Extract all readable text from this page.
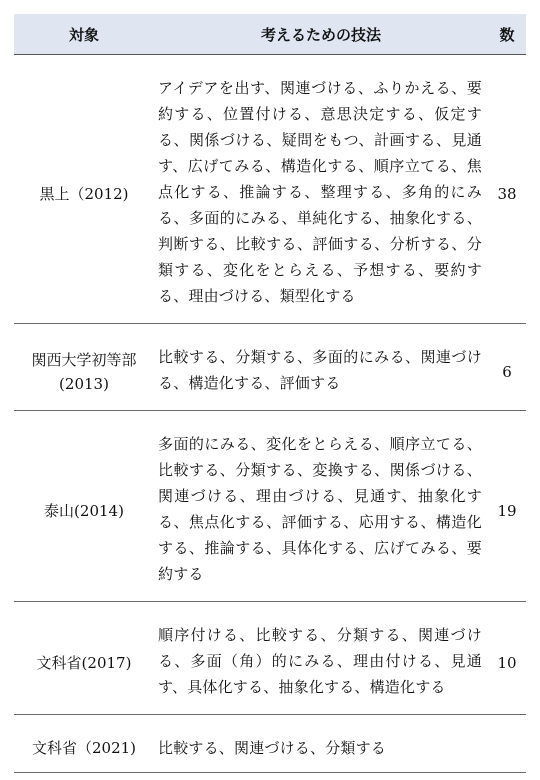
対象	考えるための技法	数

黒上（2012)	アイデアを出す、関連づける、ふりかえる、要約する、位置付ける、意思決定する、仮定する、関係づける、疑問をもつ、計画する、見通す、広げてみる、構造化する、順序立てる、焦点化する、推論する、整理する、多角的にみる、多面的にみる、単純化する、抽象化する、判断する、比較する、評価する、分析する、分類する、変化をとらえる、予想する、要約する、理由づける、類型化する	38

関西大学初等部 (2013)	比較する、分類する、多面的にみる、関連づける、構造化する、評価する	6

泰山(2014)	多面的にみる、変化をとらえる、順序立てる、比較する、分類する、変換する、関係づける、関連づける、理由づける、見通す、抽象化する、焦点化する、評価する、応用する、構造化する、推論する、具体化する、広げてみる、要約する	19

文科省(2017)	順序付ける、比較する、分類する、関連づける、多面（角）的にみる、理由付ける、見通す、具体化する、抽象化する、構造化する	10

文科省（2021)	比較する、関連づける、分類する	
